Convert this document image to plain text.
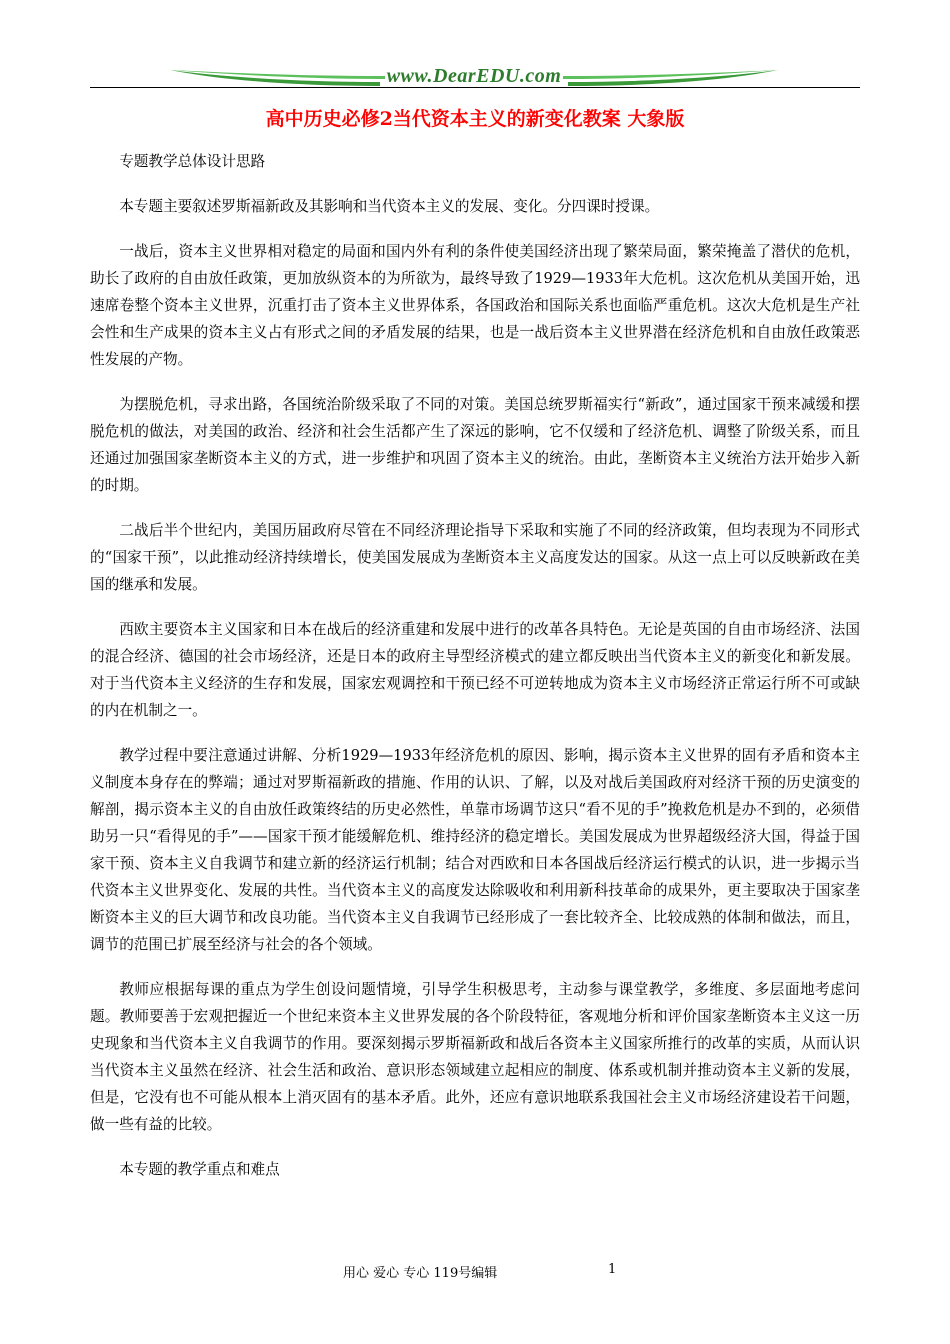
www.DearEDU.com
高中历史必修2当代资本主义的新变化教案 大象版

专题教学总体设计思路

本专题主要叙述罗斯福新政及其影响和当代资本主义的发展、变化。分四课时授课。

一战后，资本主义世界相对稳定的局面和国内外有利的条件使美国经济出现了繁荣局面，繁荣掩盖了潜伏的危机，助长了政府的自由放任政策，更加放纵资本的为所欲为，最终导致了1929—1933年大危机。这次危机从美国开始，迅速席卷整个资本主义世界，沉重打击了资本主义世界体系，各国政治和国际关系也面临严重危机。这次大危机是生产社会性和生产成果的资本主义占有形式之间的矛盾发展的结果，也是一战后资本主义世界潜在经济危机和自由放任政策恶性发展的产物。

为摆脱危机，寻求出路，各国统治阶级采取了不同的对策。美国总统罗斯福实行“新政”，通过国家干预来减缓和摆脱危机的做法，对美国的政治、经济和社会生活都产生了深远的影响，它不仅缓和了经济危机、调整了阶级关系，而且还通过加强国家垄断资本主义的方式，进一步维护和巩固了资本主义的统治。由此，垄断资本主义统治方法开始步入新的时期。

二战后半个世纪内，美国历届政府尽管在不同经济理论指导下采取和实施了不同的经济政策，但均表现为不同形式的“国家干预”，以此推动经济持续增长，使美国发展成为垄断资本主义高度发达的国家。从这一点上可以反映新政在美国的继承和发展。

西欧主要资本主义国家和日本在战后的经济重建和发展中进行的改革各具特色。无论是英国的自由市场经济、法国的混合经济、德国的社会市场经济，还是日本的政府主导型经济模式的建立都反映出当代资本主义的新变化和新发展。对于当代资本主义经济的生存和发展，国家宏观调控和干预已经不可逆转地成为资本主义市场经济正常运行所不可或缺的内在机制之一。

教学过程中要注意通过讲解、分析1929—1933年经济危机的原因、影响，揭示资本主义世界的固有矛盾和资本主义制度本身存在的弊端；通过对罗斯福新政的措施、作用的认识、了解，以及对战后美国政府对经济干预的历史演变的解剖，揭示资本主义的自由放任政策终结的历史必然性，单靠市场调节这只“看不见的手”挽救危机是办不到的，必须借助另一只“看得见的手”——国家干预才能缓解危机、维持经济的稳定增长。美国发展成为世界超级经济大国，得益于国家干预、资本主义自我调节和建立新的经济运行机制；结合对西欧和日本各国战后经济运行模式的认识，进一步揭示当代资本主义世界变化、发展的共性。当代资本主义的高度发达除吸收和利用新科技革命的成果外，更主要取决于国家垄断资本主义的巨大调节和改良功能。当代资本主义自我调节已经形成了一套比较齐全、比较成熟的体制和做法，而且，调节的范围已扩展至经济与社会的各个领域。

教师应根据每课的重点为学生创设问题情境，引导学生积极思考，主动参与课堂教学，多维度、多层面地考虑问题。教师要善于宏观把握近一个世纪来资本主义世界发展的各个阶段特征，客观地分析和评价国家垄断资本主义这一历史现象和当代资本主义自我调节的作用。要深刻揭示罗斯福新政和战后各资本主义国家所推行的改革的实质，从而认识当代资本主义虽然在经济、社会生活和政治、意识形态领域建立起相应的制度、体系或机制并推动资本主义新的发展，但是，它没有也不可能从根本上消灭固有的基本矛盾。此外，还应有意识地联系我国社会主义市场经济建设若干问题，做一些有益的比较。

本专题的教学重点和难点

用心 爱心 专心 119号编辑	1
